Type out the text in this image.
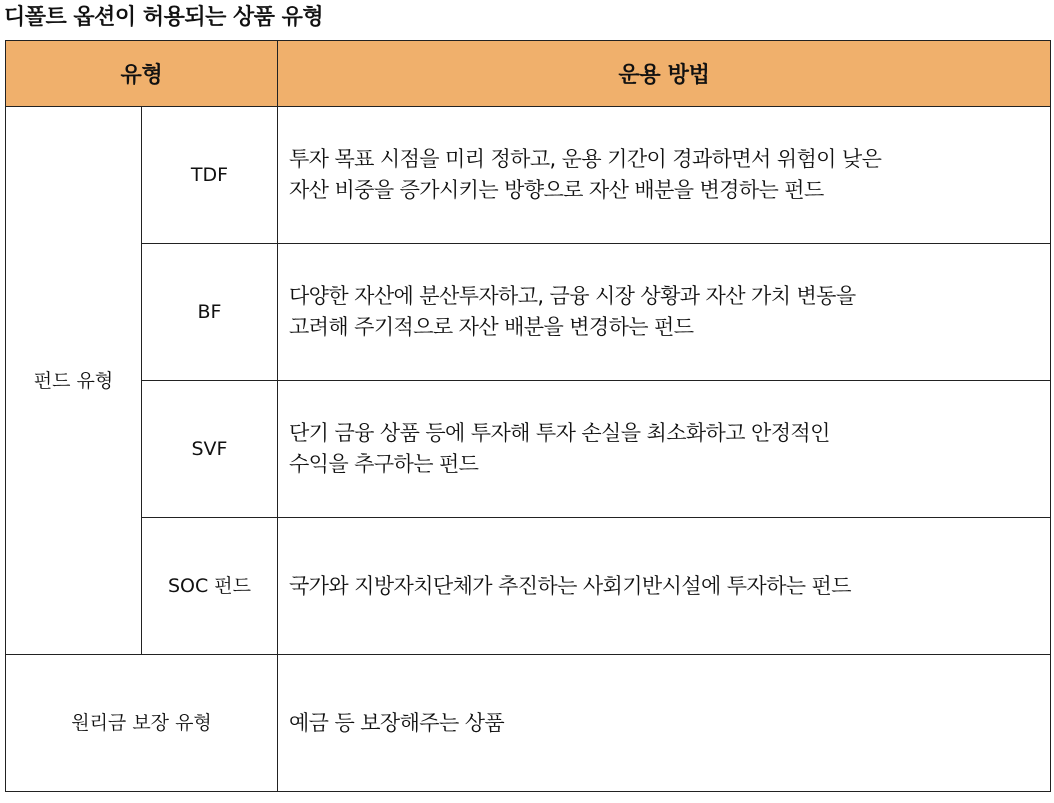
디폴트 옵션이 허용되는 상품 유형
유형		운용 방법
펀드 유형	TDF	투자 목표 시점을 미리 정하고, 운용 기간이 경과하면서 위험이 낮은
자산 비중을 증가시키는 방향으로 자산 배분을 변경하는 펀드

	BF	다양한 자산에 분산투자하고, 금융 시장 상황과 자산 가치 변동을
고려해 주기적으로 자산 배분을 변경하는 펀드

	SVF	단기 금융 상품 등에 투자해 투자 손실을 최소화하고 안정적인
수익을 추구하는 펀드

	SOC 펀드	국가와 지방자치단체가 추진하는 사회기반시설에 투자하는 펀드

원리금 보장 유형		예금 등 보장해주는 상품
